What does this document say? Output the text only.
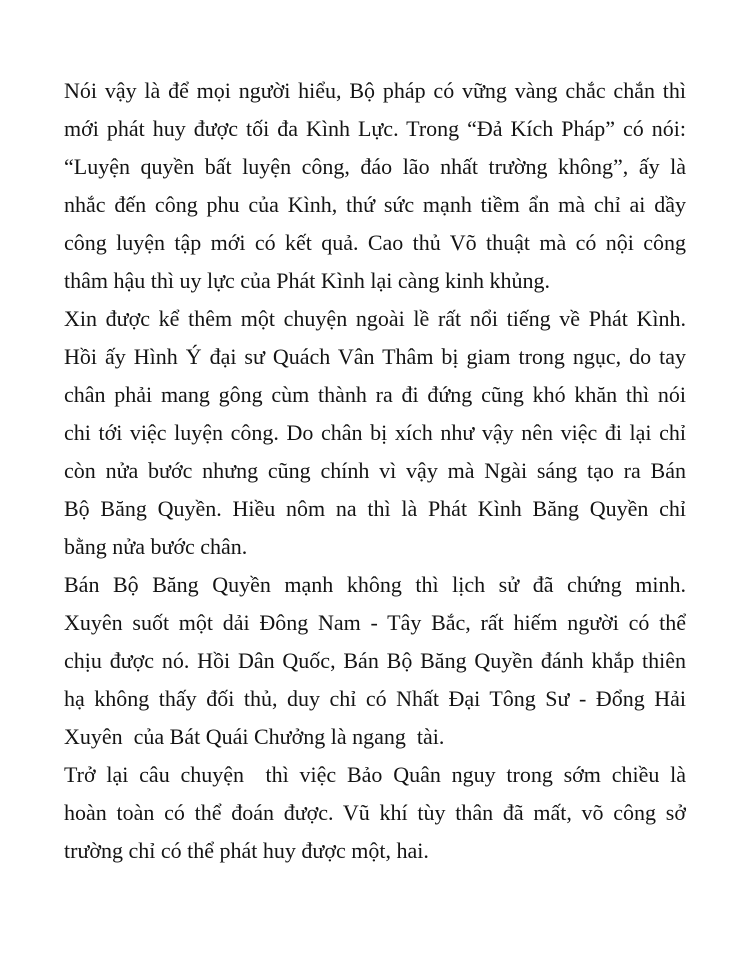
Nói vậy là để mọi người hiểu, Bộ pháp có vững vàng chắc chắn thì
mới phát huy được tối đa Kình Lực. Trong “Đả Kích Pháp” có nói:
“Luyện quyền bất luyện công, đáo lão nhất trường không”, ấy là
nhắc đến công phu của Kình, thứ sức mạnh tiềm ẩn mà chỉ ai dầy
công luyện tập mới có kết quả. Cao thủ Võ thuật mà có nội công
thâm hậu thì uy lực của Phát Kình lại càng kinh khủng.
Xin được kể thêm một chuyện ngoài lề rất nổi tiếng về Phát Kình.
Hồi ấy Hình Ý đại sư Quách Vân Thâm bị giam trong ngục, do tay
chân phải mang gông cùm thành ra đi đứng cũng khó khăn thì nói
chi tới việc luyện công. Do chân bị xích như vậy nên việc đi lại chỉ
còn nửa bước nhưng cũng chính vì vậy mà Ngài sáng tạo ra Bán
Bộ Băng Quyền. Hiều nôm na thì là Phát Kình Băng Quyền chỉ
bằng nửa bước chân.
Bán Bộ Băng Quyền mạnh không thì lịch sử đã chứng minh.
Xuyên suốt một dải Đông Nam - Tây Bắc, rất hiếm người có thể
chịu được nó. Hồi Dân Quốc, Bán Bộ Băng Quyền đánh khắp thiên
hạ không thấy đối thủ, duy chỉ có Nhất Đại Tông Sư - Đổng Hải
Xuyên  của Bát Quái Chưởng là ngang  tài.
Trở lại câu chuyện  thì việc Bảo Quân nguy trong sớm chiều là
hoàn toàn có thể đoán được. Vũ khí tùy thân đã mất, võ công sở
trường chỉ có thể phát huy được một, hai.
